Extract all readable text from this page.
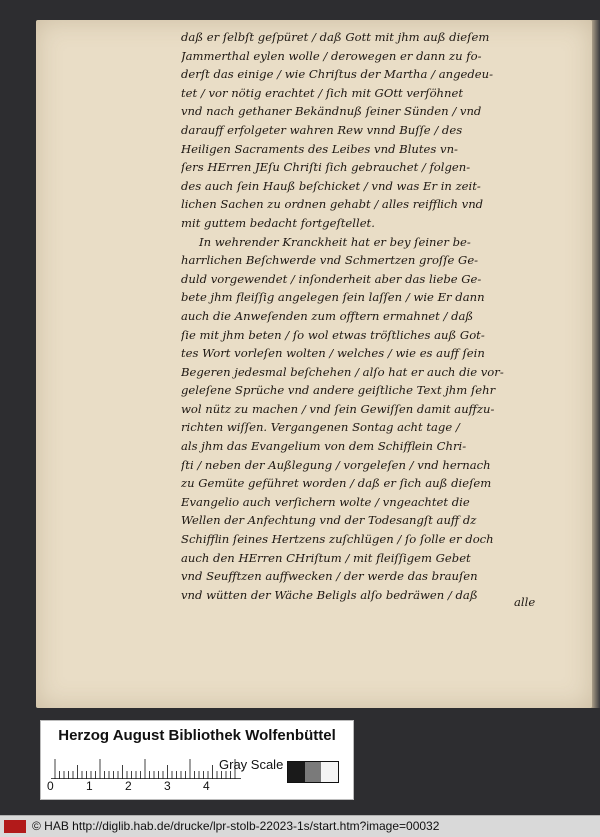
daß er ſelbſt geſpüret / daß Gott mit jhm auß dieſem
Jammerthal eylen wolle / derowegen er dann zu fo-
derſt das einige / wie Chriſtus der Martha / angedeu-
tet / vor nötig erachtet / ſich mit GOtt verſöhnet
vnd nach gethaner Bekändnuß ſeiner Sünden / vnd
darauff erfolgeter wahren Rew vnnd Buſſe / des
Heiligen Sacraments des Leibes vnd Blutes vn-
ſers HErren JEſu Chriſti ſich gebrauchet / folgen-
des auch ſein Hauß beſchicket / vnd was Er in zeit-
lichen Sachen zu ordnen gehabt / alles reifflich vnd
mit guttem bedacht fortgeſtellet.
In wehrender Kranckheit hat er bey ſeiner be-
harrlichen Beſchwerde vnd Schmertzen groſſe Ge-
duld vorgewendet / inſonderheit aber das liebe Ge-
bete jhm fleiſſig angelegen ſein laſſen / wie Er dann
auch die Anweſenden zum offtern ermahnet / daß
ſie mit jhm beten / ſo wol etwas tröſtliches auß Got-
tes Wort vorleſen wolten / welches / wie es auff ſein
Begeren jedesmal beſchehen / alſo hat er auch die vor-
geleſene Sprüche vnd andere geiſtliche Text jhm ſehr
wol nütz zu machen / vnd ſein Gewiſſen damit auffzu-
richten wiſſen. Vergangenen Sontag acht tage /
als jhm das Evangelium von dem Schifflein Chri-
ſti / neben der Außlegung / vorgeleſen / vnd hernach
zu Gemüte geführet worden / daß er ſich auß dieſem
Evangelio auch verſichern wolte / vngeachtet die
Wellen der Anfechtung vnd der Todesangſt auff dz
Schifflin ſeines Hertzens zuſchlügen / ſo ſolle er doch
auch den HErren CHriſtum / mit fleiſſigem Gebet
vnd Seufftzen auffwecken / der werde das brauſen
vnd wütten der Wäche Beligls alſo bedräwen / daß
alle
Herzog August Bibliothek Wolfenbüttel
0	1	2	3	4
Gray Scale
© HAB http://diglib.hab.de/drucke/lpr-stolb-22023-1s/start.htm?image=00032
